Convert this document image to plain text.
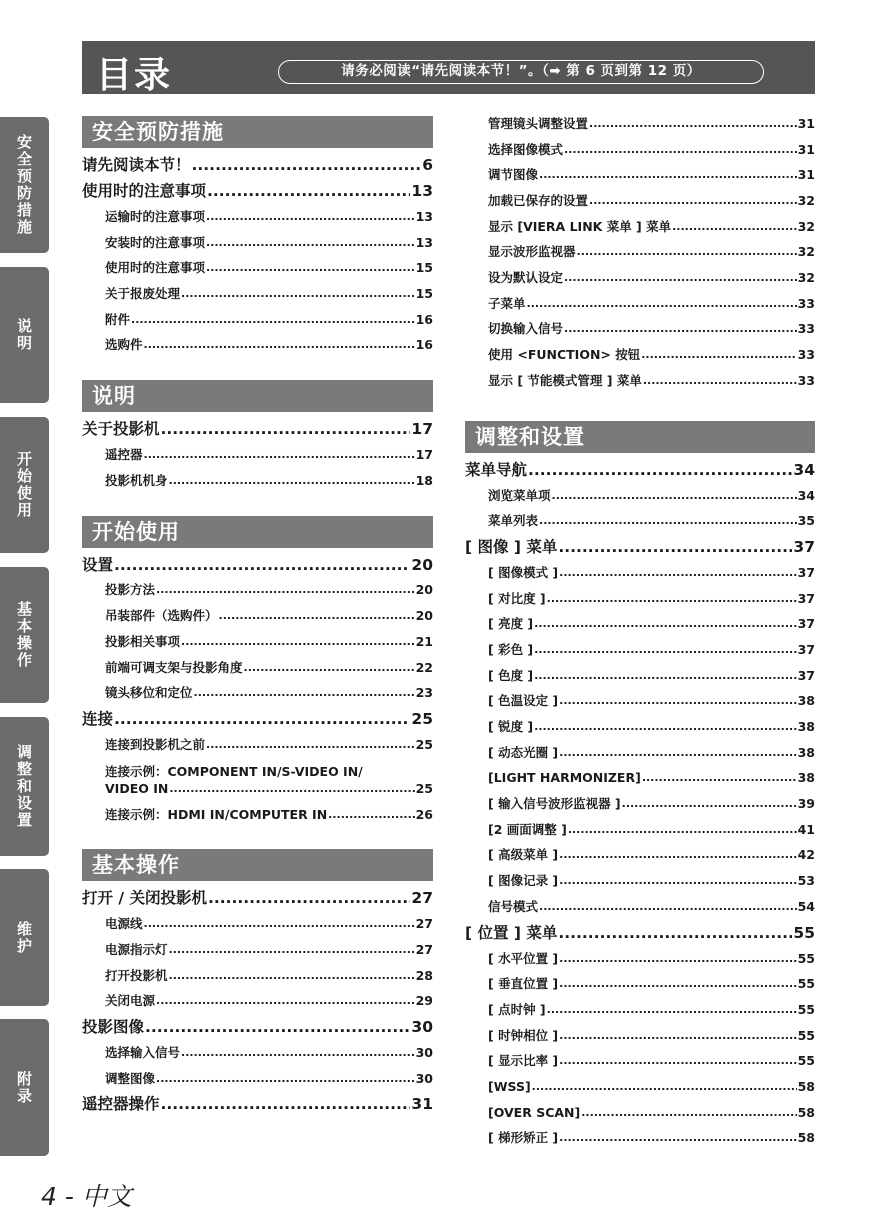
目录	请务必阅读“请先阅读本节！”。（➡ 第 6 页到第 12 页）
安全预防措施
说明
开始使用
基本操作
调整和设置
维护
附录
安全预防措施
请先阅读本节！ .....	6
使用时的注意事项 .....	13
运输时的注意事项 .....	13
安装时的注意事项 .....	13
使用时的注意事项 .....	15
关于报废处理 .....	15
附件 .....	16
选购件 .....	16
说明
关于投影机 .....	17
遥控器 .....	17
投影机机身 .....	18
开始使用
设置 .....	20
投影方法 .....	20
吊装部件（选购件） .....	20
投影相关事项 .....	21
前端可调支架与投影角度 .....	22
镜头移位和定位 .....	23
连接 .....	25
连接到投影机之前 .....	25
连接示例：COMPONENT IN/S-VIDEO IN/
VIDEO IN .....	25
连接示例：HDMI IN/COMPUTER IN .....	26
基本操作
打开 / 关闭投影机 .....	27
电源线 .....	27
电源指示灯 .....	27
打开投影机 .....	28
关闭电源 .....	29
投影图像 .....	30
选择输入信号 .....	30
调整图像 .....	30
遥控器操作 .....	31
管理镜头调整设置 .....	31
选择图像模式 .....	31
调节图像 .....	31
加载已保存的设置 .....	32
显示 [VIERA LINK 菜单 ] 菜单 .....	32
显示波形监视器 .....	32
设为默认设定 .....	32
子菜单 .....	33
切换输入信号 .....	33
使用 <FUNCTION> 按钮 .....	33
显示 [ 节能模式管理 ] 菜单 .....	33
调整和设置
菜单导航 .....	34
浏览菜单项 .....	34
菜单列表 .....	35
[ 图像 ] 菜单 .....	37
[ 图像模式 ] .....	37
[ 对比度 ] .....	37
[ 亮度 ] .....	37
[ 彩色 ] .....	37
[ 色度 ] .....	37
[ 色温设定 ] .....	38
[ 锐度 ] .....	38
[ 动态光圈 ] .....	38
[LIGHT HARMONIZER] .....	38
[ 输入信号波形监视器 ] .....	39
[2 画面调整 ] .....	41
[ 高级菜单 ] .....	42
[ 图像记录 ] .....	53
信号模式 .....	54
[ 位置 ] 菜单 .....	55
[ 水平位置 ] .....	55
[ 垂直位置 ] .....	55
[ 点时钟 ] .....	55
[ 时钟相位 ] .....	55
[ 显示比率 ] .....	55
[WSS] .....	58
[OVER SCAN] .....	58
[ 梯形矫正 ] .....	58
4 - 中文
